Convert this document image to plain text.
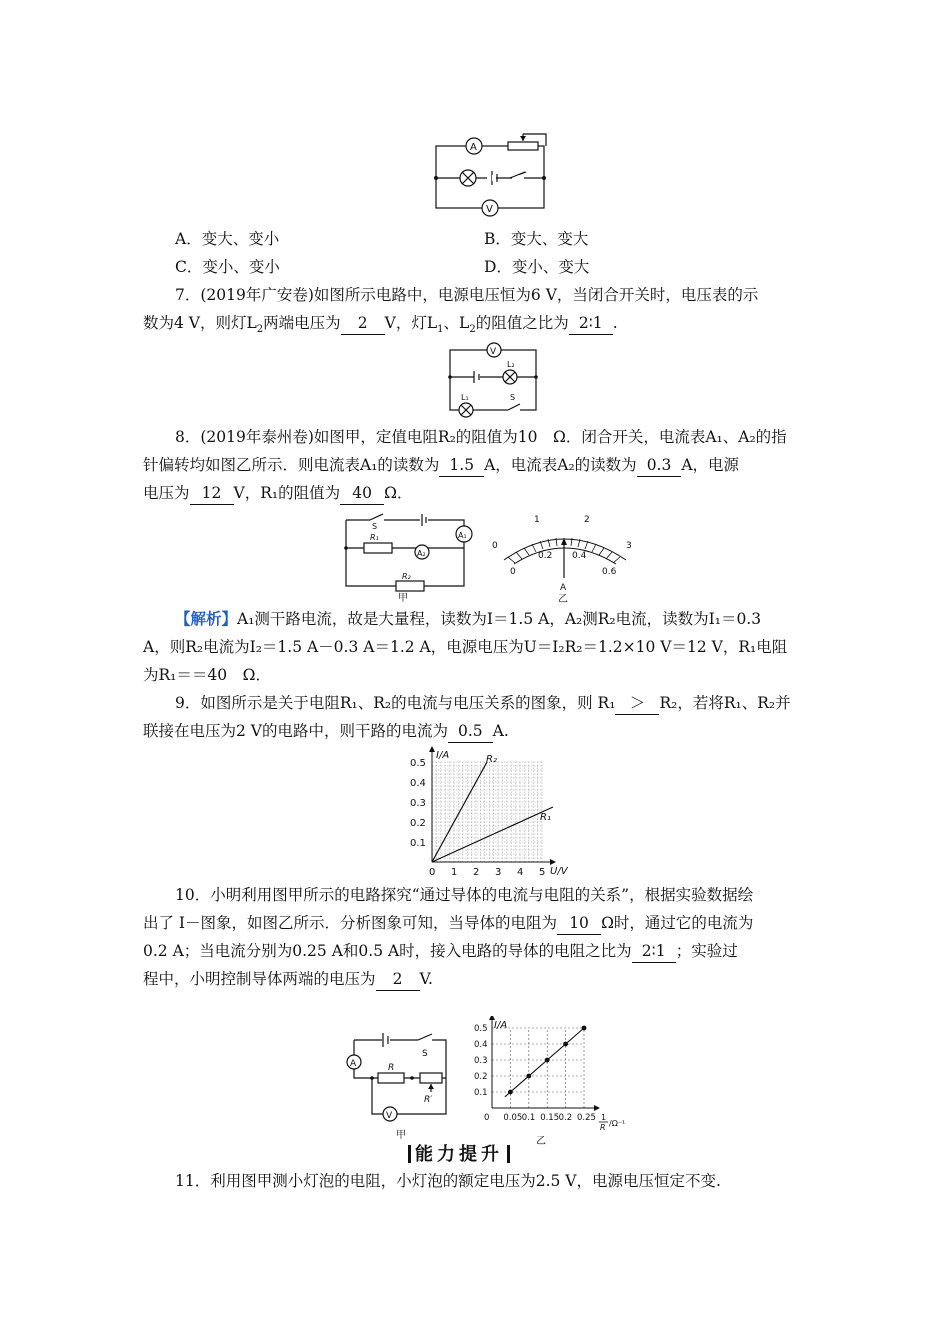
A
V
A．变大、变小	B．变大、变大
C．变小、变小	D．变小、变大
7．(2019年广安卷)如图所示电路中，电源电压恒为6 V，当闭合开关时，电压表的示
数为4 V，则灯$L_2$两端电压为 2 V，灯$L_1$、$L_2$的阻值之比为 2∶1 .
V
L₂
L₁	S
8．(2019年泰州卷)如图甲，定值电阻R₂的阻值为10　Ω．闭合开关，电流表A₁、A₂的指
针偏转均如图乙所示．则电流表A₁的读数为 1.5 A，电流表A₂的读数为 0.3 A，电源
电压为 12 V，R₁的阻值为 40 Ω．
S
R₁
A₂
A₁
R₂
甲
0
1	2
3
0
0.2 0.4
0.6
A
乙
【解析】A₁测干路电流，故是大量程，读数为I＝1.5 A，A₂测R₂电流，读数为I₁＝0.3
A，则R₂电流为I₂＝1.5 A－0.3 A＝1.2 A，电源电压为U＝I₂R₂＝1.2×10 V＝12 V，R₁电阻
为R₁＝＝40　Ω．
9．如图所示是关于电阻R₁、R₂的电流与电压关系的图象，则 R₁ ＞ R₂，若将R₁、R₂并
联接在电压为2 V的电路中，则干路的电流为 0.5 A.
0.5
0.4
0.3
0.2
0.1
0 1 2 3 4 5
I/A
U/V
R₂
R₁
10．小明利用图甲所示的电路探究“通过导体的电流与电阻的关系”，根据实验数据绘
出了 I－图象，如图乙所示．分析图象可知，当导体的电阻为 10 Ω时，通过它的电流为
0.2 A；当电流分别为0.25 A和0.5 A时，接入电路的导体的电阻之比为 2∶1 ；实验过
程中，小明控制导体两端的电压为 2 V.
A
V
S
R
R′
甲
0.5
0.4
0.3
0.2
0.1
0 0.05 0.1 0.15 0.2 0.25
I/A
1
R /Ω⁻¹
乙
能力提升
11．利用图甲测小灯泡的电阻，小灯泡的额定电压为2.5 V，电源电压恒定不变.
